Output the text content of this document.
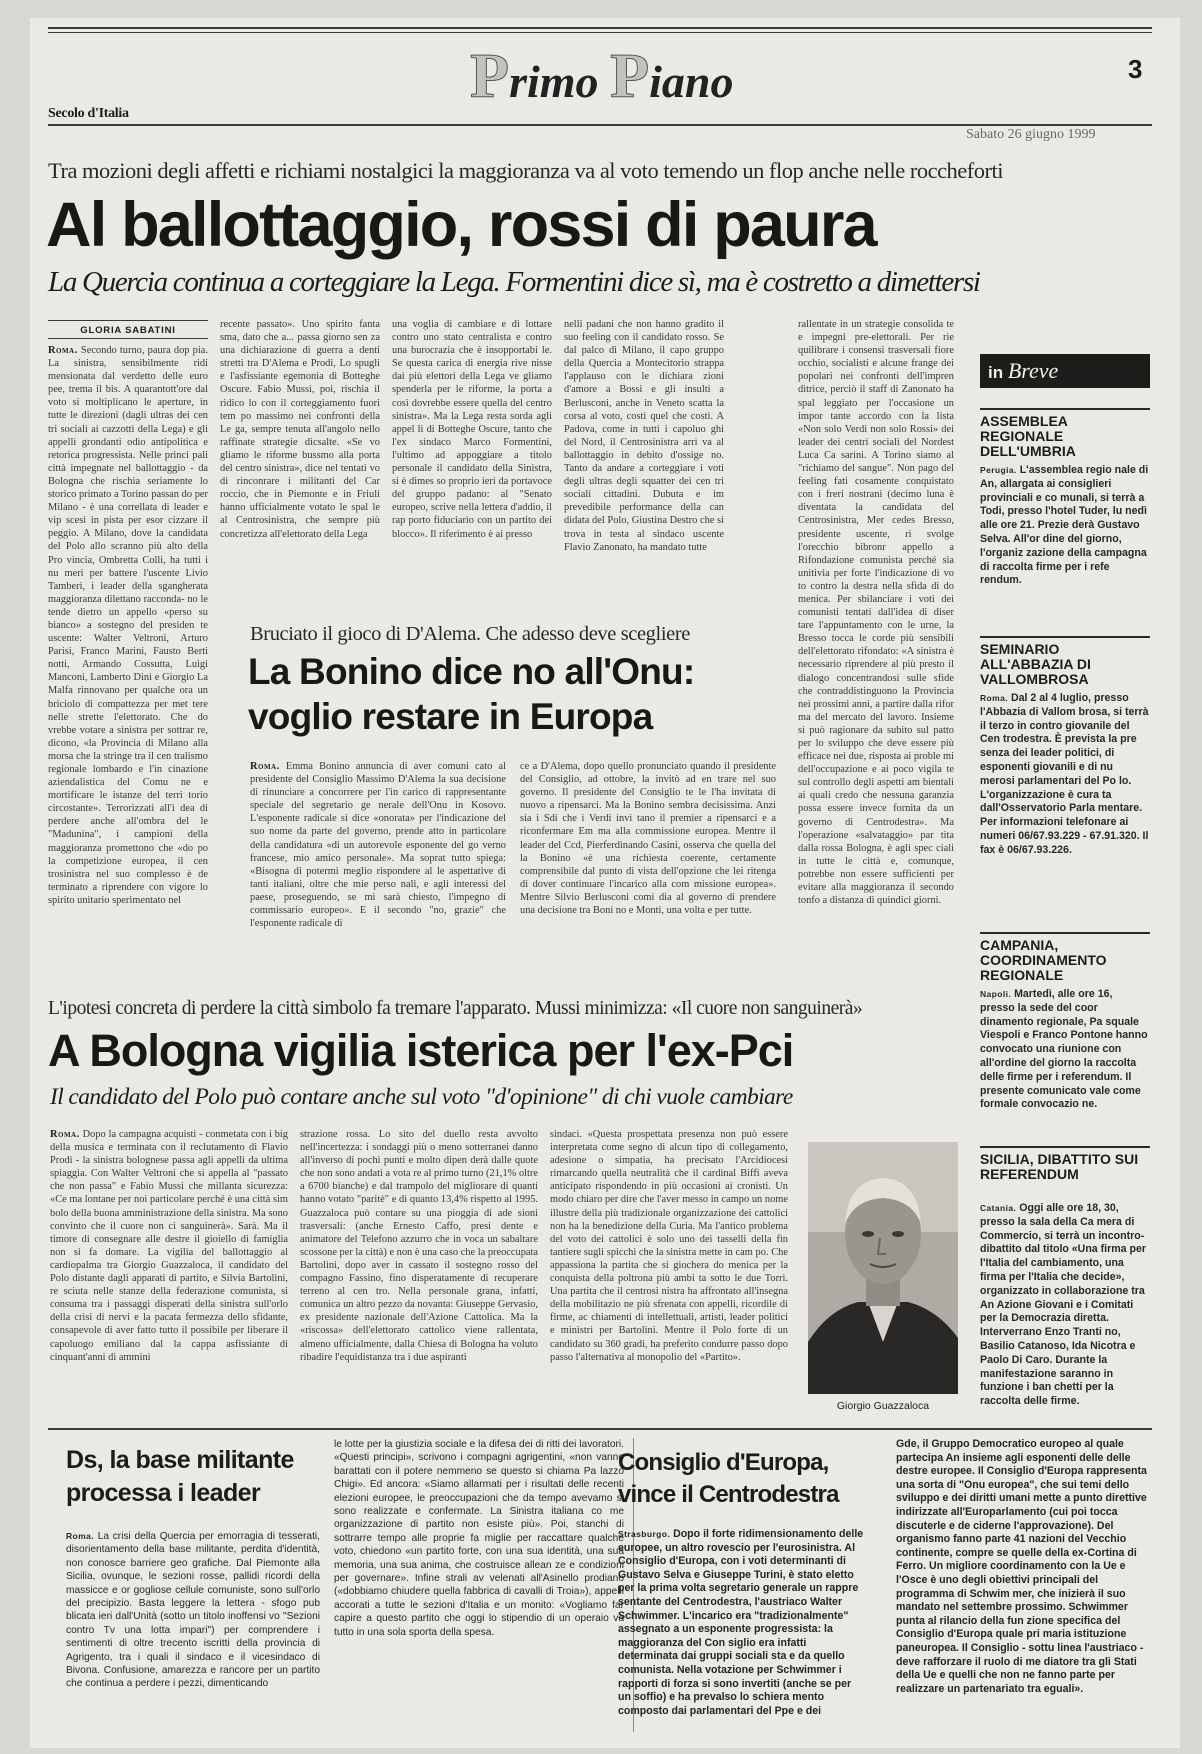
Secolo d'Italia
Primo Piano	3
Sabato 26 giugno 1999
Tra mozioni degli affetti e richiami nostalgici la maggioranza va al voto temendo un flop anche nelle roccheforti
Al ballottaggio, rossi di paura
La Quercia continua a corteggiare la Lega. Formentini dice sì, ma è costretto a dimettersi
GLORIA SABATINI
Roma. Secondo turno, paura dop pia. La sinistra, sensibilmente ridi mensionata dal verdetto delle euro pee, trema il bis. A quarantott'ore dal voto si moltiplicano le aperture, in tutte le direzioni (dagli ultras dei cen tri sociali ai cazzotti della Lega) e gli appelli grondanti odio antipolitica e retorica progressista. Nelle princi pali città impegnate nel ballottaggio - da Bologna che rischia seriamente lo storico primato a Torino passan do per Milano - è una correllata di leader e vip scesi in pista per esor cizzare il peggio. A Milano, dove la candidata del Polo allo scranno più alto della Pro vincia, Ombretta Colli, ha tutti i nu meri per battere l'uscente Livio Tamberi, i leader della sgangherata maggioranza dilettano racconda- no le tende dietro un appello «perso su bianco» a sostegno del presiden te uscente: Walter Veltroni, Arturo Parisi, Franco Marini, Fausto Berti notti, Armando Cossutta, Luigi Manconi, Lamberto Dini e Giorgio La Malfa rinnovano per qualche ora un briciolo di compattezza per met tere nelle strette l'elettorato. Che do vrebbe votare a sinistra per sottrar re, dicono, «la Provincia di Milano alla morsa che la stringe tra il cen tralismo regionale lombardo e l'in cinazione aziendalistica del Comu ne e mortificare le istanze del terri torio circostante». Terrorizzati all'i dea di perdere anche all'ombra del le "Madunina", i campioni della maggioranza promettono che «do po la competizione europea, il cen trosinistra nel suo complesso è de terminato a riprendere con vigore lo spirito unitario sperimentato nel
recente passato». Uno spirito fanta sma, dato che a... passa giorno sen za una dichiarazione di guerra a denti stretti tra D'Alema e Prodi, Lo spugli e l'asfissiante egemonia di Botteghe Oscure. Fabio Mussi, poi, rischia il ridico lo con il corteggiamento fuori tem po massimo nei confronti della Le ga, sempre tenuta all'angolo nello raffinate strategie dicsalte. «Se vo gliamo le riforme bussmo alla porta del centro sinistra», dice nel tentati vo di rinconrare i militanti del Car roccio, che in Piemonte e in Friuli hanno ufficialmente votato le spal le al Centrosinistra, che sempre più concretizza all'elettorato della Lega
una voglia di cambiare e di lottare contro uno stato centralista e contro una burocrazia che è insopportabi le. Se questa carica di energia rive nisse dai più elettori della Lega ve gliamo spenderla per le riforme, la porta a così dovrebbe essere quella del centro sinistra». Ma la Lega resta sorda agli appel li di Botteghe Oscure, tanto che l'ex sindaco Marco Formentini, l'ultimo ad appoggiare a titolo personale il candidato della Sinistra, si è dimes so proprio ieri da portavoce del gruppo padano: al "Senato europeo, scrive nella lettera d'addio, il rap porto fiduciario con un partito dei blocco». Il riferimento è ai presso
nelli padani che non hanno gradito il suo feeling con il candidato rosso. Se dal palco di Milano, il capo gruppo della Quercia a Montecitorio strappa l'applauso con le dichiara zioni d'amore a Bossi e gli insulti a Berlusconi, anche in Veneto scatta la corsa al voto, costi quel che costi. A Padova, come in tutti i capoluo ghi del Nord, il Centrosinistra arri va al ballottaggio in debito d'ossige no. Tanto da andare a corteggiare i voti degli ultras degli squatter dei cen tri sociali cittadini. Dubuta e im prevedibile performance della can didata del Polo, Giustina Destro che si trova in testa al sindaco uscente Flavio Zanonato, ha mandato tutte
rallentate in un strategie consolida te e impegni pre-elettorali. Per rie quilibrare i consensi trasversali fiore occhio, socialisti e alcune frange dei popolari nei confronti dell'impren ditrice, perciò il staff di Zanonato ha spal leggiato per l'occasione un impor tante accordo con la lista «Non solo Verdi non solo Rossi» dei leader dei centri sociali del Nordest Luca Ca sarini. A Torino siamo al "richiamo del sangue". Non pago del feeling fati cosamente conquistato con i freri nostrani (decimo luna è diventata la candidata del Centrosinistra, Mer cedes Bresso, presidente uscente, ri svolge l'orecchio bibronr appello a Rifondazione comunista perché sia unitivia per forte l'indicazione di vo to contro la destra nella sfida di do menica. Per sbilanciare i voti dei comunisti tentati dall'idea di diser tare l'appuntamento con le urne, la Bresso tocca le corde più sensibili dell'elettorato rifondato: «A sinistra è necessario riprendere al più presto il dialogo concentrandosi sulle sfide che contraddistinguono la Provincia nei prossimi anni, a partire dalla rifor ma del mercato del lavoro. Insieme si può ragionare da subito sul patto per lo sviluppo che deve essere più efficace nei due, risposta ai proble mi dell'occupazione e ai poco vigila te sul controllo degli aspetti am bientali ai quali credo che nessuna garanzia possa essere invece fornita da un governo di Centrodestra». Ma l'operazione «salvataggio» par tita dalla rossa Bologna, è agli spec ciali in tutte le città e, comunque, potrebbe non essere sufficienti per evitare alla maggioranza il secondo tonfo a distanza di quindici giorni.
Bruciato il gioco di D'Alema. Che adesso deve scegliere
La Bonino dice no all'Onu:
voglio restare in Europa
Roma. Emma Bonino annuncia di aver comuni cato al presidente del Consiglio Massimo D'Alema la sua decisione di rinunciare a concorrere per l'in carico di rappresentante speciale del segretario ge nerale dell'Onu in Kosovo. L'esponente radicale si dice «onorata» per l'indicazione del suo nome da parte del governo, prende atto in particolare della candidatura «di un autorevole esponente del go verno francese, mio amico personale». Ma soprat tutto spiega: «Bisogna di potermi meglio rispondere al le aspettative di tanti italiani, oltre che mie perso nali, e agli interessi del paese, proseguendo, se mi sarà chiesto, l'impegno di commissario europeo». E il secondo "no, grazie" che l'esponente radicale di
ce a D'Alema, dopo quello pronunciato quando il presidente del Consiglio, ad ottobre, la invitò ad en trare nel suo governo. Il presidente del Consiglio te le l'ha invitata di nuovo a ripensarci. Ma la Bonino sembra decisissima. Anzi sia i Sdi che i Verdi invi tano il premier a ripensarci e a riconfermare Em ma alla commissione europea. Mentre il leader del Ccd, Pierferdinando Casini, osserva che quella del la Bonino «è una richiesta coerente, certamente comprensibile dal punto di vista dell'opzione che lei ritenga di dover continuare l'incarico alla com missione europea». Mentre Silvio Berlusconi comi dia al governo di prendere una decisione tra Boni no e Monti, una volta e per tutte.
L'ipotesi concreta di perdere la città simbolo fa tremare l'apparato. Mussi minimizza: «Il cuore non sanguinerà»
A Bologna vigilia isterica per l'ex-Pci
Il candidato del Polo può contare anche sul voto "d'opinione" di chi vuole cambiare
Roma. Dopo la campagna acquisti - conmetata con i big della musica e terminata con il reclutamento di Flavio Prodi - la sinistra bolognese passa agli appelli da ultima spiaggia. Con Walter Veltroni che si appella al "passato che non passa" e Fabio Mussi che millanta sicurezza: «Ce ma lontane per noi particolare perché è una città sim bolo della buona amministrazione della sinistra. Ma sono convinto che il cuore non ci sanguinerà». Sarà. Ma il timore di consegnare alle destre il gioiello di famiglia non si fa domare. La vigilia del ballottaggio al cardiopalma tra Giorgio Guazzaloca, il candidato del Polo distante dagli apparati di partito, e Silvia Bartolini, re sciuta nelle stanze della federazione comunista, si consuma tra i passaggi disperati della sinistra sull'orlo della crisi di nervi e la pacata fermezza dello sfidante, consapevole di aver fatto tutto il possibile per liberare il capoluogo emiliano dal la cappa asfissiante di cinquant'anni di ammini
strazione rossa. Lo sito del duello resta avvolto nell'incertezza: i sondaggi più o meno sotterranei danno all'inverso di pochi punti e molto dipen derà dalle quote che non sono andati a vota re al primo turno (21,1% oltre a 6700 bianche) e dal trampolo del migliorare di quanti hanno votato "paritè" e di quanto 13,4% rispetto al 1995. Guazzaloca può contare su una pioggia di ade sioni trasversali: (anche Ernesto Caffo, presi dente e animatore del Telefono azzurro che in voca un sabaltare scossone per la città) e non è una caso che la preoccupata Bartolini, dopo aver in cassato il sostegno rosso del compagno Fassino, fino disperatamente di recuperare terreno al cen tro. Nella personale grana, infatti, comunica un altro pezzo da novanta: Giuseppe Gervasio, ex presidente nazionale dell'Azione Cattolica. Ma la «riscossa» dell'elettorato cattolico viene rallentata, almeno ufficialmente, dalla Chiesa di Bologna ha voluto ribadire l'equidistanza tra i due aspiranti
sindaci. «Questa prospettata presenza non può essere interpretata come segno di alcun tipo di collegamento, adesione o simpatia, ha precisato l'Arcidiocesi rimarcando quella neutralità che il cardinal Biffi aveva anticipato rispondendo in più occasioni ai cronisti. Un modo chiaro per dire che l'aver messo in campo un nome illustre della più tradizionale organizzazione dei cattolici non ha la benedizione della Curia. Ma l'antico problema del voto dei cattolici è solo uno dei tasselli della fin tantiere sugli spicchi che la sinistra mette in cam po. Che appassiona la partita che si giochera do menica per la conquista della poltrona più ambi ta sotto le due Torri. Una partita che il centrosi nistra ha affrontato all'insegna della mobilitazio ne più sfrenata con appelli, ricordile di firme, ac chiamenti di intellettuali, artisti, leader politici e ministri per Bartolini. Mentre il Polo forte di un candidato su 360 gradi, ha preferito condurre passo dopo passo l'alternativa al monopolio del «Partito».
Giorgio Guazzaloca
in Breve
ASSEMBLEA REGIONALE DELL'UMBRIA
Perugia. L'assemblea regio nale di An, allargata ai consiglieri provinciali e co munali, si terrà a Todi, presso l'hotel Tuder, lu nedì alle ore 21. Prezie derà Gustavo Selva. All'or dine del giorno, l'organiz zazione della campagna di raccolta firme per i refe rendum.
SEMINARIO ALL'ABBAZIA DI VALLOMBROSA
Roma. Dal 2 al 4 luglio, presso l'Abbazia di Vallom brosa, si terrà il terzo in contro giovanile del Cen trodestra. È prevista la pre senza dei leader politici, di esponenti giovanili e di nu merosi parlamentari del Po lo. L'organizzazione è cura ta dall'Osservatorio Parla mentare. Per informazioni telefonare ai numeri 06/67.93.229 - 67.91.320. Il fax è 06/67.93.226.
CAMPANIA, COORDINAMENTO REGIONALE
Napoli. Martedì, alle ore 16, presso la sede del coor dinamento regionale, Pa squale Viespoli e Franco Pontone hanno convocato una riunione con all'ordine del giorno la raccolta delle firme per i referendum. Il presente comunicato vale come formale convocazio ne.
SICILIA, DIBATTITO SUI REFERENDUM
Catania. Oggi alle ore 18, 30, presso la sala della Ca mera di Commercio, si terrà un incontro-dibattito dal titolo «Una firma per l'Italia del cambiamento, una firma per l'Italia che decide», organizzato in collaborazione tra An Azione Giovani e i Comitati per la Democrazia diretta. Interverrano Enzo Tranti no, Basilio Catanoso, Ida Nicotra e Paolo Di Caro. Durante la manifestazione saranno in funzione i ban chetti per la raccolta delle firme.
Ds, la base militante
processa i leader
Roma. La crisi della Quercia per emorragia di tesserati, disorientamento della base militante, perdita d'identità, non conosce barriere geo grafiche. Dal Piemonte alla Sicilia, ovunque, le sezioni rosse, pallidi ricordi della massicce e or gogliose cellule comuniste, sono sull'orlo del precipizio. Basta leggere la lettera - sfogo pub blicata ieri dall'Unità (sotto un titolo inoffensi vo "Sezioni contro Tv una lotta impari") per comprendere i sentimenti di oltre trecento iscritti della provincia di Agrigento, tra i quali il sindaco e il vicesindaco di Bivona. Confusione, amarezza e rancore per un partito che continua a perdere i pezzi, dimenticando
le lotte per la giustizia sociale e la difesa dei di ritti dei lavoratori. «Questi principi», scrivono i compagni agrigentini, «non vanno barattati con il potere nemmeno se questo si chiama Pa lazzo Chigi». Ed ancora: «Siamo allarmati per i risultati delle recenti elezioni europee, le preoccupazioni che da tempo avevamo si sono realizzate e confermate. La Sinistra italiana co me organizzazione di partito non esiste più». Poi, stanchi di sottrarre tempo alle proprie fa miglie per raccattare qualche voto, chiedono «un partito forte, con una sua identità, una sua memoria, una sua anima, che costruisce allean ze e condizioni per governare». Infine strali av velenati all'Asinello prodiano («dobbiamo chiudere quella fabbrica di cavalli di Troia»), appelli accorati a tutte le sezioni d'Italia e un monito: «Vogliamo far capire a questo partito che oggi lo stipendio di un operaio va tutto in una sola sporta della spesa.
Consiglio d'Europa,
vince il Centrodestra
Strasburgo. Dopo il forte ridimensionamento delle europee, un altro rovescio per l'eurosinistra. Al Consiglio d'Europa, con i voti determinanti di Gustavo Selva e Giuseppe Turini, è stato eletto per la prima volta segretario generale un rappre sentante del Centrodestra, l'austriaco Walter Schwimmer. L'incarico era "tradizionalmente" assegnato a un esponente progressista: la maggioranza del Con siglio era infatti determinata dai gruppi sociali sta e da quello comunista. Nella votazione per Schwimmer i rapporti di forza si sono invertiti (anche se per un soffio) e ha prevalso lo schiera mento composto dai parlamentari del Ppe e dei
Gde, il Gruppo Democratico europeo al quale partecipa An insieme agli esponenti delle delle destre europee. Il Consiglio d'Europa rappresenta una sorta di "Onu europea", che sui temi dello sviluppo e dei diritti umani mette a punto direttive indirizzate all'Europarlamento (cui poi tocca discuterle e de ciderne l'approvazione). Del organismo fanno parte 41 nazioni del Vecchio continente, compre se quelle della ex-Cortina di Ferro. Un migliore coordinamento con la Ue e l'Osce è uno degli obiettivi principali del programma di Schwim mer, che inizierà il suo mandato nel settembre prossimo. Schwimmer punta al rilancio della fun zione specifica del Consiglio d'Europa quale pri maria istituzione paneuropea. Il Consiglio - sottu linea l'austriaco - deve rafforzare il ruolo di me diatore tra gli Stati della Ue e quelli che non ne fanno parte per realizzare un partenariato tra eguali».
